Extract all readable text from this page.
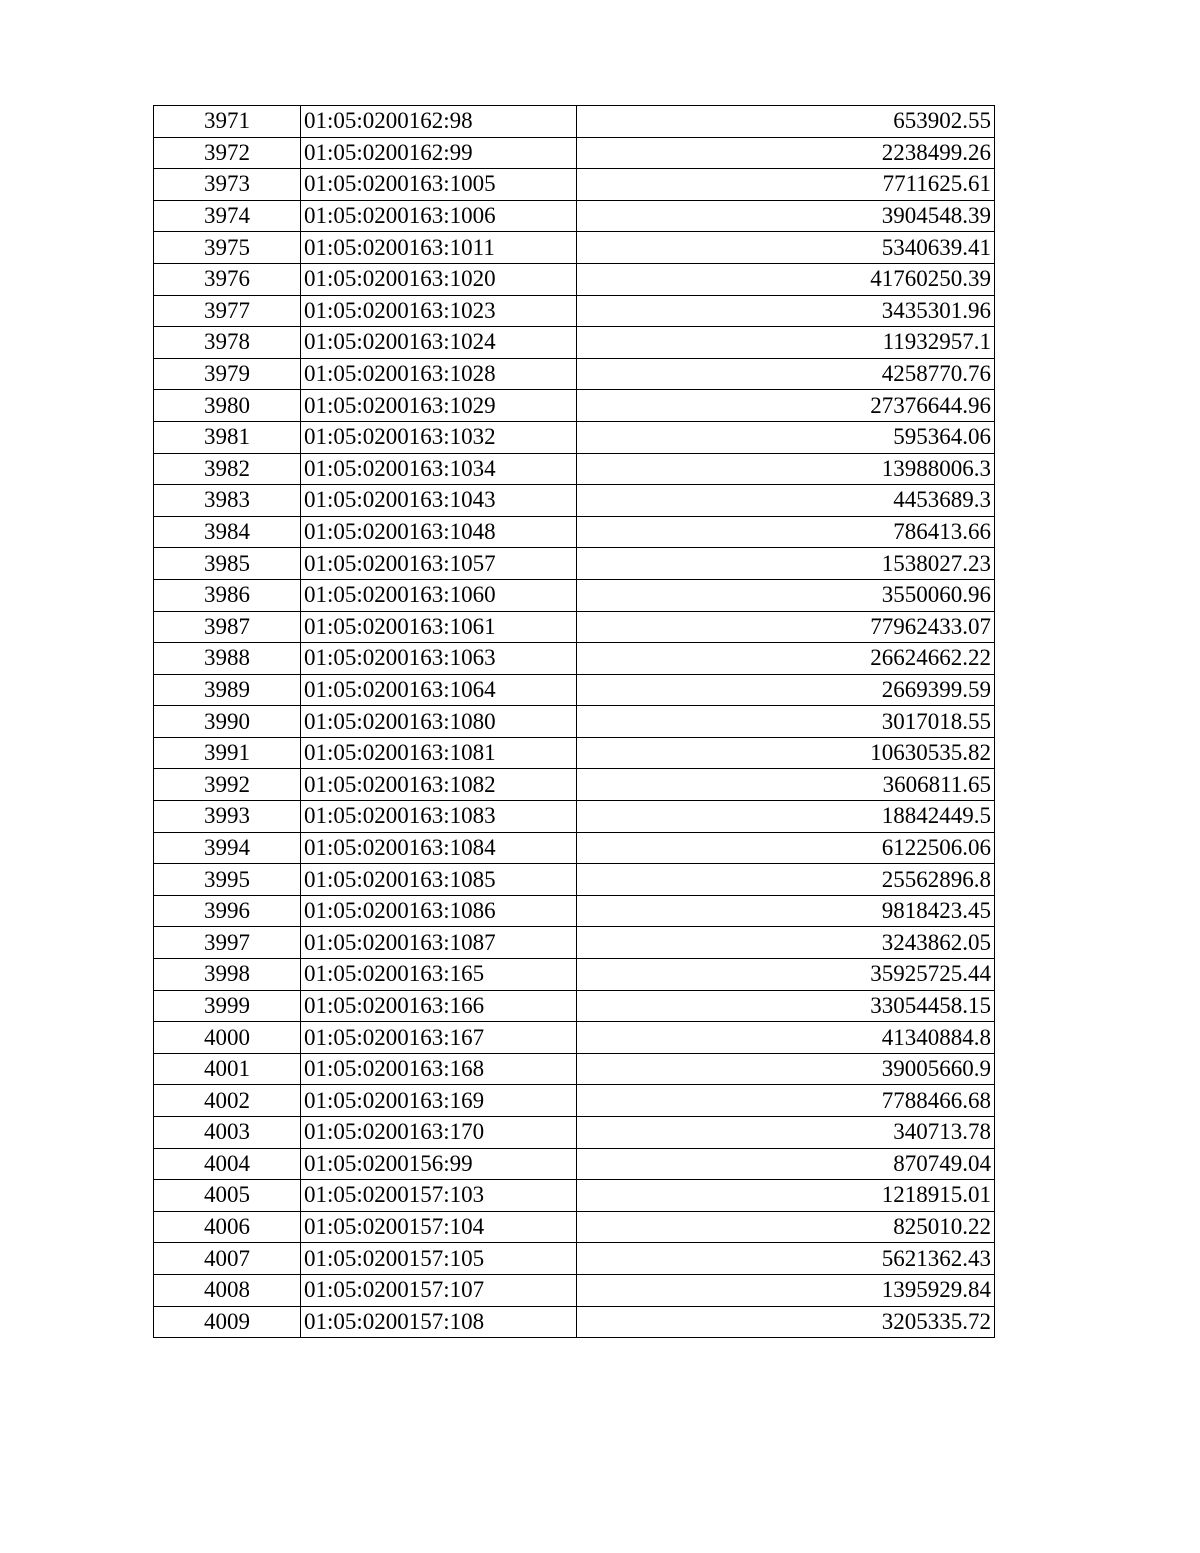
3971	01:05:0200162:98	653902.55
3972	01:05:0200162:99	2238499.26
3973	01:05:0200163:1005	7711625.61
3974	01:05:0200163:1006	3904548.39
3975	01:05:0200163:1011	5340639.41
3976	01:05:0200163:1020	41760250.39
3977	01:05:0200163:1023	3435301.96
3978	01:05:0200163:1024	11932957.1
3979	01:05:0200163:1028	4258770.76
3980	01:05:0200163:1029	27376644.96
3981	01:05:0200163:1032	595364.06
3982	01:05:0200163:1034	13988006.3
3983	01:05:0200163:1043	4453689.3
3984	01:05:0200163:1048	786413.66
3985	01:05:0200163:1057	1538027.23
3986	01:05:0200163:1060	3550060.96
3987	01:05:0200163:1061	77962433.07
3988	01:05:0200163:1063	26624662.22
3989	01:05:0200163:1064	2669399.59
3990	01:05:0200163:1080	3017018.55
3991	01:05:0200163:1081	10630535.82
3992	01:05:0200163:1082	3606811.65
3993	01:05:0200163:1083	18842449.5
3994	01:05:0200163:1084	6122506.06
3995	01:05:0200163:1085	25562896.8
3996	01:05:0200163:1086	9818423.45
3997	01:05:0200163:1087	3243862.05
3998	01:05:0200163:165	35925725.44
3999	01:05:0200163:166	33054458.15
4000	01:05:0200163:167	41340884.8
4001	01:05:0200163:168	39005660.9
4002	01:05:0200163:169	7788466.68
4003	01:05:0200163:170	340713.78
4004	01:05:0200156:99	870749.04
4005	01:05:0200157:103	1218915.01
4006	01:05:0200157:104	825010.22
4007	01:05:0200157:105	5621362.43
4008	01:05:0200157:107	1395929.84
4009	01:05:0200157:108	3205335.72
